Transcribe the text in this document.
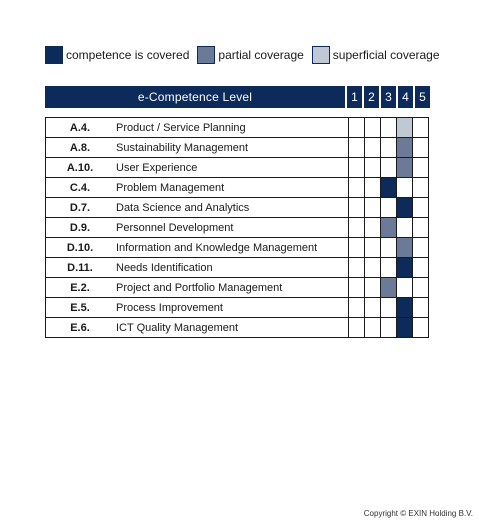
competence is covered partial coverage superficial coverage
e-Competence Level	1 2 3 4 5
A.4.	Product / Service Planning					
A.8.	Sustainability Management					
A.10.	User Experience					
C.4.	Problem Management					
D.7.	Data Science and Analytics					
D.9.	Personnel Development					
D.10.	Information and Knowledge Management					
D.11.	Needs Identification					
E.2.	Project and Portfolio Management					
E.5.	Process Improvement					
E.6.	ICT Quality Management					
Copyright © EXIN Holding B.V.
